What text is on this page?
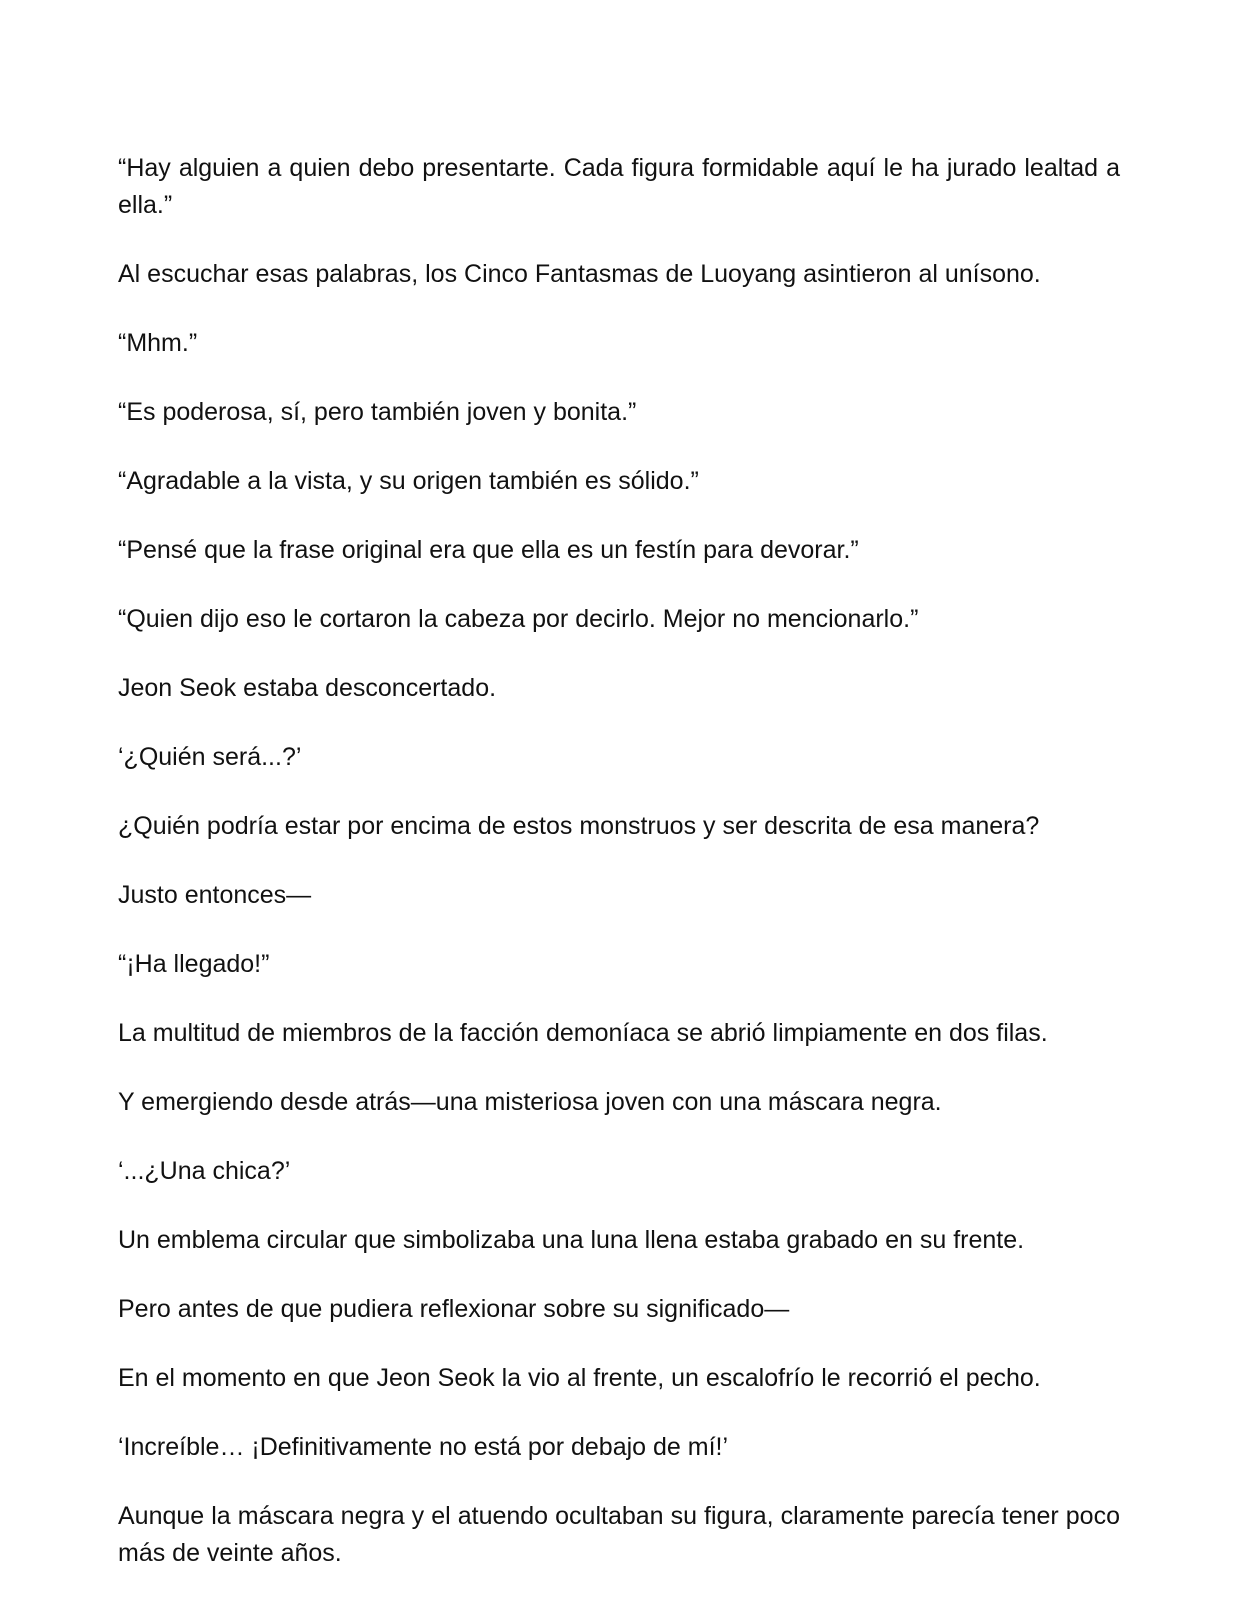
“Hay alguien a quien debo presentarte. Cada figura formidable aquí le ha jurado lealtad a ella.”

Al escuchar esas palabras, los Cinco Fantasmas de Luoyang asintieron al unísono.

“Mhm.”

“Es poderosa, sí, pero también joven y bonita.”

“Agradable a la vista, y su origen también es sólido.”

“Pensé que la frase original era que ella es un festín para devorar.”

“Quien dijo eso le cortaron la cabeza por decirlo. Mejor no mencionarlo.”

Jeon Seok estaba desconcertado.

‘¿Quién será...?’

¿Quién podría estar por encima de estos monstruos y ser descrita de esa manera?

Justo entonces—

“¡Ha llegado!”

La multitud de miembros de la facción demoníaca se abrió limpiamente en dos filas.

Y emergiendo desde atrás—una misteriosa joven con una máscara negra.

‘...¿Una chica?’

Un emblema circular que simbolizaba una luna llena estaba grabado en su frente.

Pero antes de que pudiera reflexionar sobre su significado—

En el momento en que Jeon Seok la vio al frente, un escalofrío le recorrió el pecho.

‘Increíble… ¡Definitivamente no está por debajo de mí!’

Aunque la máscara negra y el atuendo ocultaban su figura, claramente parecía tener poco más de veinte años.
